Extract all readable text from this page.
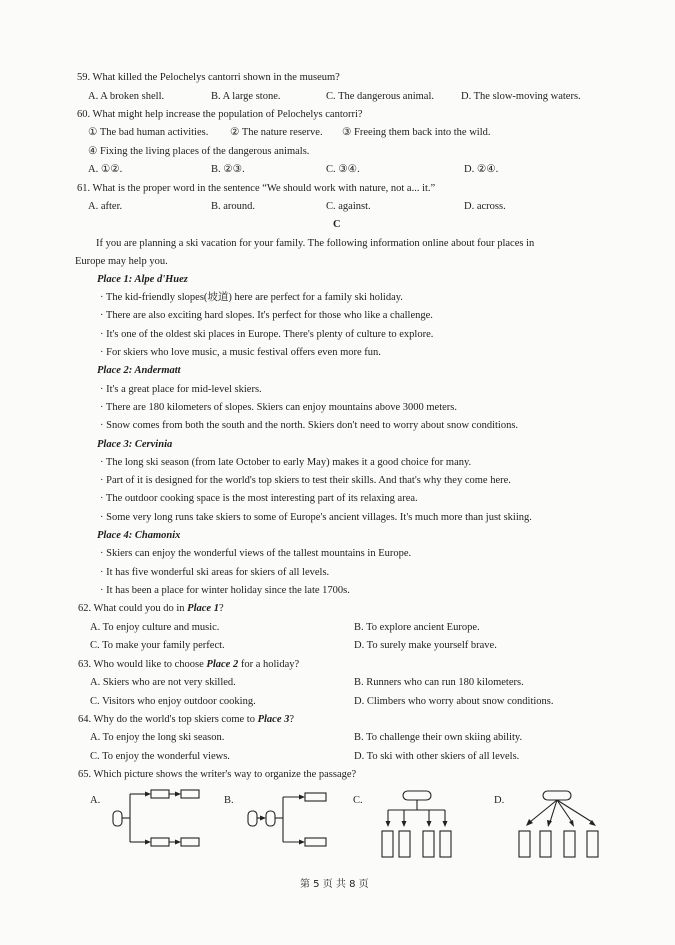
59. What killed the Pelochelys cantorri shown in the museum?
A. A broken shell.	B. A large stone.	C. The dangerous animal.	D. The slow-moving waters.
60. What might help increase the population of Pelochelys cantorri?
① The bad human activities. ② The nature reserve. ③ Freeing them back into the wild.
④ Fixing the living places of the dangerous animals.
A. ①②.	B. ②③.	C. ③④.	D. ②④.
61. What is the proper word in the sentence “We should work with nature, not a... it.”
A. after.	B. around.	C. against.	D. across.
C
If you are planning a ski vacation for your family. The following information online about four places in
Europe may help you.
Place 1: Alpe d'Huez
· The kid-friendly slopes(坡道) here are perfect for a family ski holiday.
· There are also exciting hard slopes. It's perfect for those who like a challenge.
· It's one of the oldest ski places in Europe. There's plenty of culture to explore.
· For skiers who love music, a music festival offers even more fun.
Place 2: Andermatt
· It's a great place for mid-level skiers.
· There are 180 kilometers of slopes. Skiers can enjoy mountains above 3000 meters.
· Snow comes from both the south and the north. Skiers don't need to worry about snow conditions.
Place 3: Cervinia
· The long ski season (from late October to early May) makes it a good choice for many.
· Part of it is designed for the world's top skiers to test their skills. And that's why they come here.
· The outdoor cooking space is the most interesting part of its relaxing area.
· Some very long runs take skiers to some of Europe's ancient villages. It's much more than just skiing.
Place 4: Chamonix
· Skiers can enjoy the wonderful views of the tallest mountains in Europe.
· It has five wonderful ski areas for skiers of all levels.
· It has been a place for winter holiday since the late 1700s.
62. What could you do in Place 1?
A. To enjoy culture and music.	B. To explore ancient Europe.
C. To make your family perfect.	D. To surely make yourself brave.
63. Who would like to choose Place 2 for a holiday?
A. Skiers who are not very skilled.	B. Runners who can run 180 kilometers.
C. Visitors who enjoy outdoor cooking.	D. Climbers who worry about snow conditions.
64. Why do the world's top skiers come to Place 3?
A. To enjoy the long ski season.	B. To challenge their own skiing ability.
C. To enjoy the wonderful views.	D. To ski with other skiers of all levels.
65. Which picture shows the writer's way to organize the passage?
A.	B.	C.	D.
第 5 页 共 8 页
